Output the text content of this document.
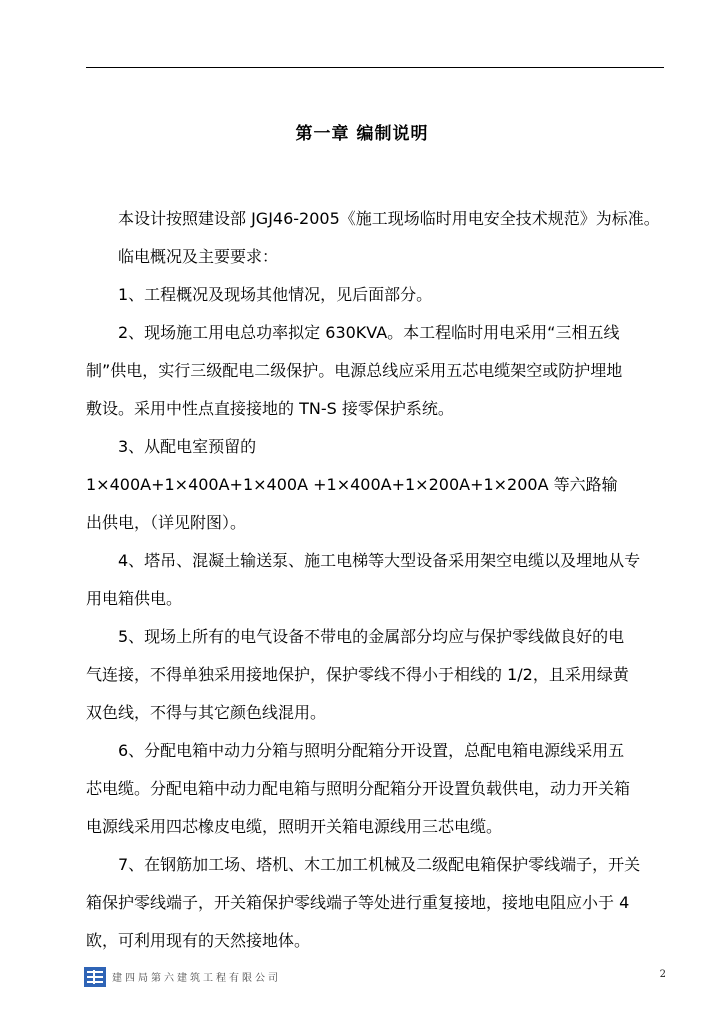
第一章 编制说明

本设计按照建设部 JGJ46-2005《施工现场临时用电安全技术规范》为标准。

临电概况及主要要求：

1、工程概况及现场其他情况，见后面部分。

2、现场施工用电总功率拟定 630KVA。本工程临时用电采用“三相五线

制”供电，实行三级配电二级保护。电源总线应采用五芯电缆架空或防护埋地

敷设。采用中性点直接接地的 TN-S 接零保护系统。

3、从配电室预留的

1×400A+1×400A+1×400A +1×400A+1×200A+1×200A 等六路输

出供电，（详见附图）。

4、塔吊、混凝土输送泵、施工电梯等大型设备采用架空电缆以及埋地从专

用电箱供电。

5、现场上所有的电气设备不带电的金属部分均应与保护零线做良好的电

气连接，不得单独采用接地保护，保护零线不得小于相线的 1/2，且采用绿黄

双色线，不得与其它颜色线混用。

6、分配电箱中动力分箱与照明分配箱分开设置，总配电箱电源线采用五

芯电缆。分配电箱中动力配电箱与照明分配箱分开设置负载供电，动力开关箱

电源线采用四芯橡皮电缆，照明开关箱电源线用三芯电缆。

7、在钢筋加工场、塔机、木工加工机械及二级配电箱保护零线端子，开关

箱保护零线端子，开关箱保护零线端子等处进行重复接地，接地电阻应小于 4

欧，可利用现有的天然接地体。

建四局第六建筑工程有限公司	2
